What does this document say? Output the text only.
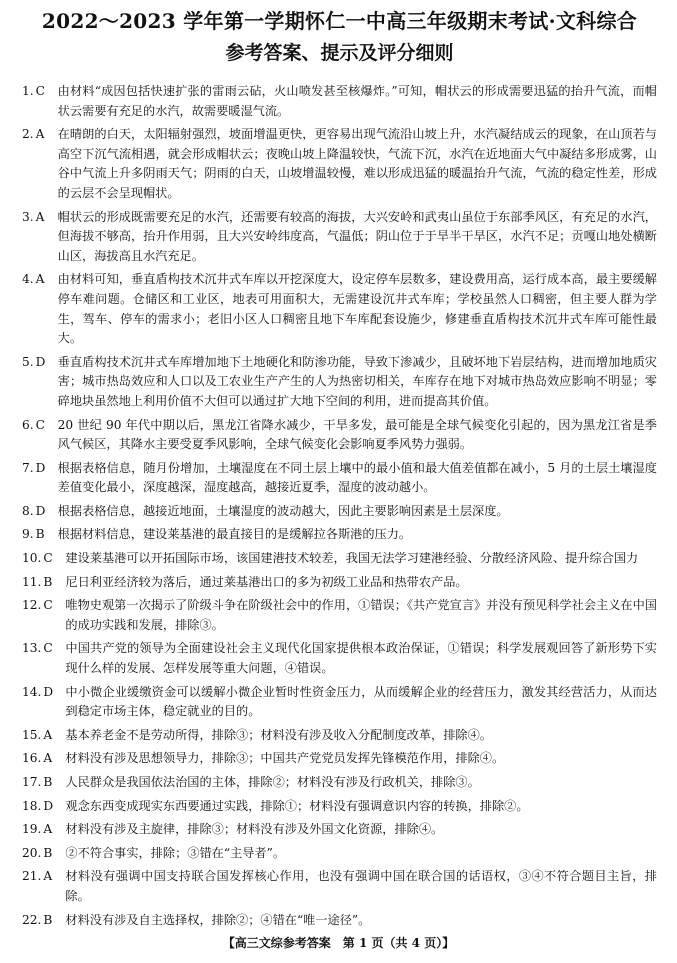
2022～2023 学年第一学期怀仁一中高三年级期末考试·文科综合
参考答案、提示及评分细则
1. C	由材料“成因包括快速扩张的雷雨云砧，火山喷发甚至核爆炸。”可知，帽状云的形成需要迅猛的抬升气流，而帽状云需要有充足的水汽，故需要暖湿气流。
2. A	在晴朗的白天，太阳辐射强烈，坡面增温更快，更容易出现气流沿山坡上升，水汽凝结成云的现象，在山顶若与高空下沉气流相遇，就会形成帽状云；夜晚山坡上降温较快，气流下沉，水汽在近地面大气中凝结多形成雾，山谷中气流上升多阴雨天气；阴雨的白天，山坡增温较慢，难以形成迅猛的暖温抬升气流，气流的稳定性差，形成的云层不会呈现帽状。
3. A	帽状云的形成既需要充足的水汽，还需要有较高的海拔，大兴安岭和武夷山虽位于东部季风区，有充足的水汽，但海拔不够高，抬升作用弱，且大兴安岭纬度高，气温低；阴山位于于旱半干旱区，水汽不足；贡嘎山地处横断山区，海拔高且水汽充足。
4. A	由材料可知，垂直盾构技术沉井式车库以开挖深度大，设定停车层数多，建设费用高，运行成本高，最主要缓解停车难问题。仓储区和工业区，地表可用面积大，无需建设沉井式车库；学校虽然人口稠密，但主要人群为学生，驾车、停车的需求小；老旧小区人口稠密且地下车库配套设施少，修建垂直盾构技术沉井式车库可能性最大。
5. D	垂直盾构技术沉井式车库增加地下土地硬化和防渗功能，导致下渗减少，且破坏地下岩层结构，进而增加地质灾害；城市热岛效应和人口以及工农业生产产生的人为热密切相关，车库存在地下对城市热岛效应影响不明显；零碎地块虽然地上利用价值不大但可以通过扩大地下空间的利用，进而提高其价值。
6. C	20 世纪 90 年代中期以后，黑龙江省降水减少，干旱多发，最可能是全球气候变化引起的，因为黑龙江省是季风气候区，其降水主要受夏季风影响，全球气候变化会影响夏季风势力强弱。
7. D	根据表格信息，随月份增加，土壤湿度在不同土层上壤中的最小值和最大值差值都在减小，5 月的土层土壤湿度差值变化最小，深度越深，湿度越高，越接近夏季，湿度的波动越小。
8. D	根据表格信息，越接近地面，土壤湿度的波动越大，因此主要影响因素是土层深度。
9. B	根据材料信息，建设莱基港的最直接目的是缓解拉各斯港的压力。
10. C	建设莱基港可以开拓国际市场，该国建港技术较差，我国无法学习建港经验、分散经济风险、提升综合国力
11. B	尼日利亚经济较为落后，通过莱基港出口的多为初级工业品和热带农产品。
12. C	唯物史观第一次揭示了阶级斗争在阶级社会中的作用，①错误；《共产党宣言》并没有预见科学社会主义在中国的成功实践和发展，排除③。
13. C	中国共产党的领导为全面建设社会主义现代化国家提供根本政治保证，①错误；科学发展观回答了新形势下实现什么样的发展、怎样发展等重大问题，④错误。
14. D	中小微企业缓缴资金可以缓解小微企业暂时性资金压力，从而缓解企业的经营压力，激发其经营活力，从而达到稳定市场主体，稳定就业的目的。
15. A	基本养老金不是劳动所得，排除③；材料没有涉及收入分配制度改革，排除④。
16. A	材料没有涉及思想领导力，排除③；中国共产党党员发挥先锋模范作用，排除④。
17. B	人民群众是我国依法治国的主体，排除②；材料没有涉及行政机关，排除③。
18. D	观念东西变成现实东西要通过实践，排除①；材料没有强调意识内容的转换，排除②。
19. A	材料没有涉及主旋律，排除③；材料没有涉及外国文化资源，排除④。
20. B	②不符合事实，排除；③错在“主导者”。
21. A	材料没有强调中国支持联合国发挥核心作用，也没有强调中国在联合国的话语权，③④不符合题目主旨，排除。
22. B	材料没有涉及自主选择权，排除②；④错在“唯一途径”。
【高三文综参考答案　第 1 页（共 4 页）】
